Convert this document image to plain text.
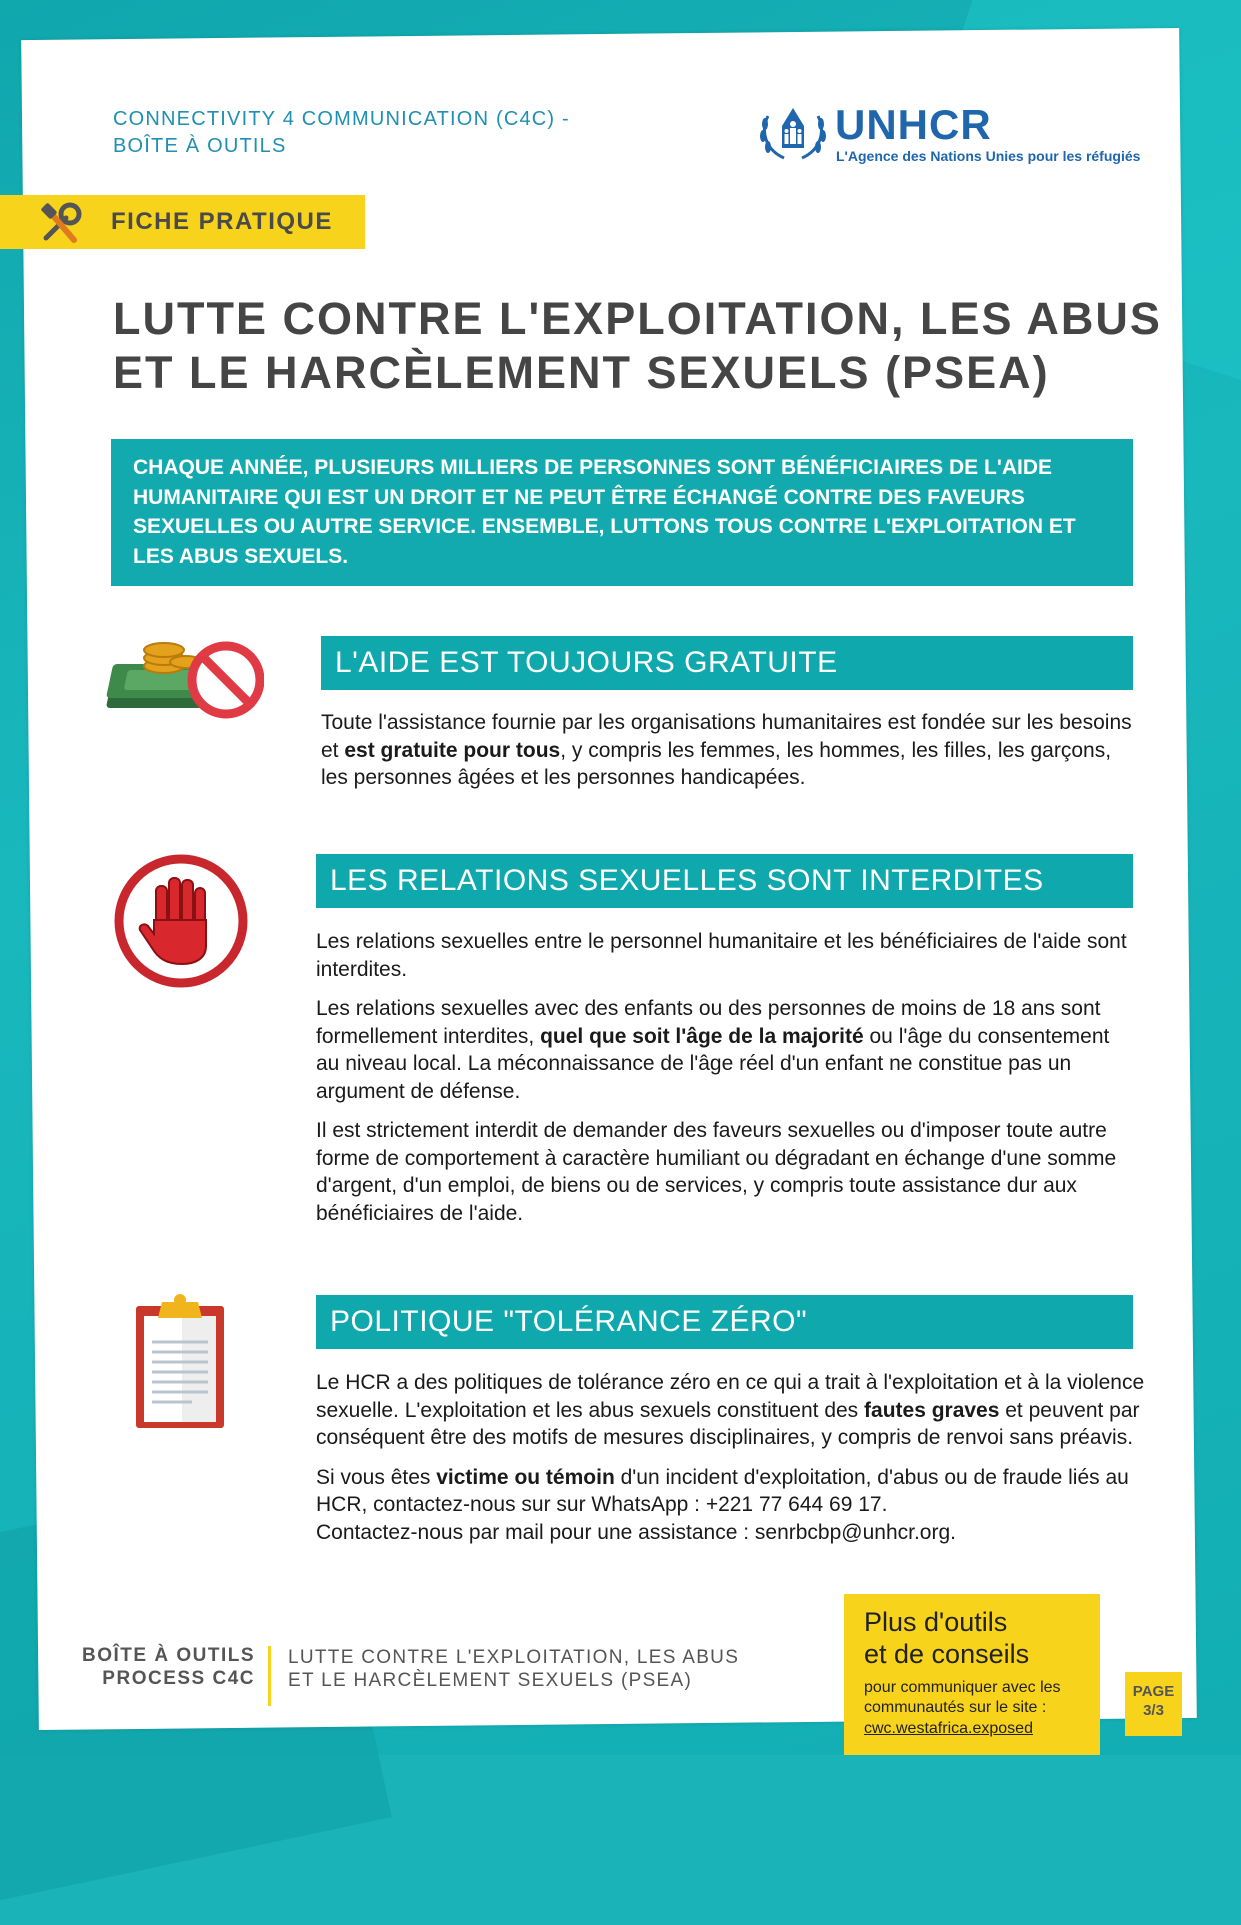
CONNECTIVITY 4 COMMUNICATION (C4C) -
BOÎTE À OUTILS	UNHCR
L'Agence des Nations Unies pour les réfugiés
FICHE PRATIQUE
LUTTE CONTRE L'EXPLOITATION, LES ABUS
ET LE HARCÈLEMENT SEXUELS (PSEA)
CHAQUE ANNÉE, PLUSIEURS MILLIERS DE PERSONNES SONT BÉNÉFICIAIRES DE L'AIDE HUMANITAIRE QUI EST UN DROIT ET NE PEUT ÊTRE ÉCHANGÉ CONTRE DES FAVEURS SEXUELLES OU AUTRE SERVICE. ENSEMBLE, LUTTONS TOUS CONTRE L'EXPLOITATION ET LES ABUS SEXUELS.
L'AIDE EST TOUJOURS GRATUITE

Toute l'assistance fournie par les organisations humanitaires est fondée sur les besoins et est gratuite pour tous, y compris les femmes, les hommes, les filles, les garçons, les personnes âgées et les personnes handicapées.

LES RELATIONS SEXUELLES SONT INTERDITES

Les relations sexuelles entre le personnel humanitaire et les bénéficiaires de l'aide sont interdites.

Les relations sexuelles avec des enfants ou des personnes de moins de 18 ans sont formellement interdites, quel que soit l'âge de la majorité ou l'âge du consentement au niveau local. La méconnaissance de l'âge réel d'un enfant ne constitue pas un argument de défense.

Il est strictement interdit de demander des faveurs sexuelles ou d'imposer toute autre forme de comportement à caractère humiliant ou dégradant en échange d'une somme d'argent, d'un emploi, de biens ou de services, y compris toute assistance dur aux bénéficiaires de l'aide.

POLITIQUE "TOLÉRANCE ZÉRO"

Le HCR a des politiques de tolérance zéro en ce qui a trait à l'exploitation et à la violence sexuelle. L'exploitation et les abus sexuels constituent des fautes graves et peuvent par conséquent être des motifs de mesures disciplinaires, y compris de renvoi sans préavis.

Si vous êtes victime ou témoin d'un incident d'exploitation, d'abus ou de fraude liés au HCR, contactez-nous sur sur WhatsApp : +221 77 644 69 17.
Contactez-nous par mail pour une assistance : senrbcbp@unhcr.org.

BOÎTE À OUTILS
PROCESS C4C
LUTTE CONTRE L'EXPLOITATION, LES ABUS
ET LE HARCÈLEMENT SEXUELS (PSEA)
Plus d'outils
et de conseils
pour communiquer avec les communautés sur le site :
cwc.westafrica.exposed
PAGE
3/3
